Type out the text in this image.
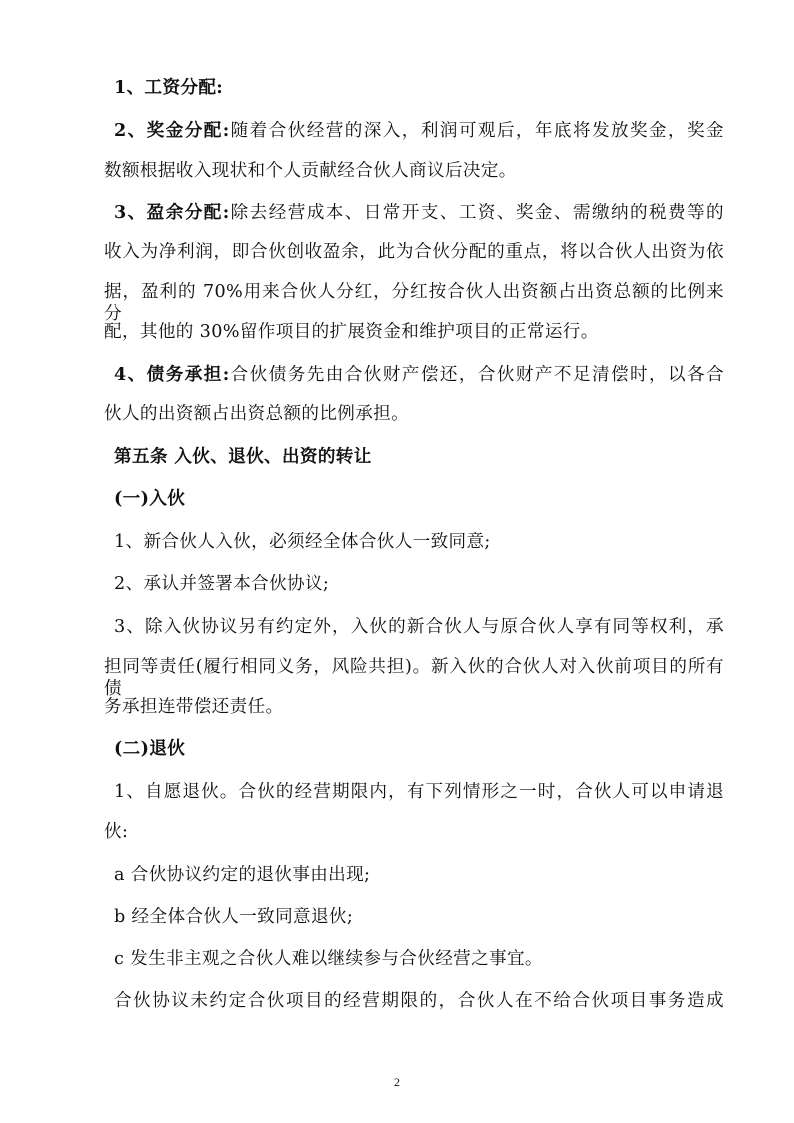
1、工资分配:
2、奖金分配:随着合伙经营的深入，利润可观后，年底将发放奖金，奖金
数额根据收入现状和个人贡献经合伙人商议后决定。
3、盈余分配:除去经营成本、日常开支、工资、奖金、需缴纳的税费等的
收入为净利润，即合伙创收盈余，此为合伙分配的重点，将以合伙人出资为依
据，盈利的 70%用来合伙人分红，分红按合伙人出资额占出资总额的比例来分
配，其他的 30%留作项目的扩展资金和维护项目的正常运行。
4、债务承担:合伙债务先由合伙财产偿还，合伙财产不足清偿时，以各合
伙人的出资额占出资总额的比例承担。
第五条 入伙、退伙、出资的转让
(一)入伙
1、新合伙人入伙，必须经全体合伙人一致同意;
2、承认并签署本合伙协议;
3、除入伙协议另有约定外，入伙的新合伙人与原合伙人享有同等权利，承
担同等责任(履行相同义务，风险共担)。新入伙的合伙人对入伙前项目的所有债
务承担连带偿还责任。
(二)退伙
1、自愿退伙。合伙的经营期限内，有下列情形之一时，合伙人可以申请退
伙:
a 合伙协议约定的退伙事由出现;
b 经全体合伙人一致同意退伙;
c 发生非主观之合伙人难以继续参与合伙经营之事宜。
合伙协议未约定合伙项目的经营期限的，合伙人在不给合伙项目事务造成
2
